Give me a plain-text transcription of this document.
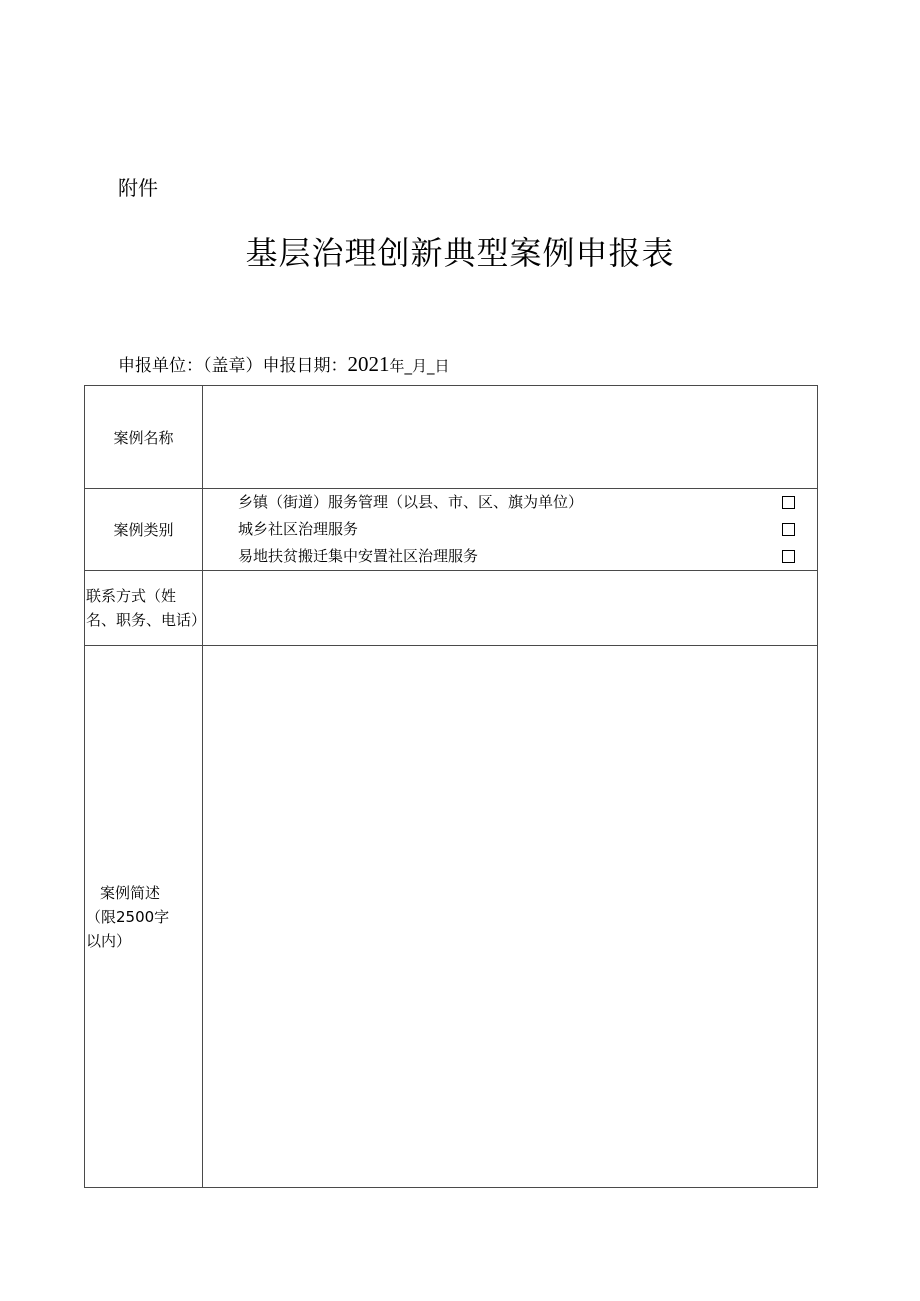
附件
基层治理创新典型案例申报表
申报单位：（盖章）申报日期：2021年_月_日
案例名称	
案例类别	乡镇（街道）服务管理（以县、市、区、旗为单位）
城乡社区治理服务
易地扶贫搬迁集中安置社区治理服务

联系方式（姓名、职务、电话）	

案例简述
（限2500字
以内）	
